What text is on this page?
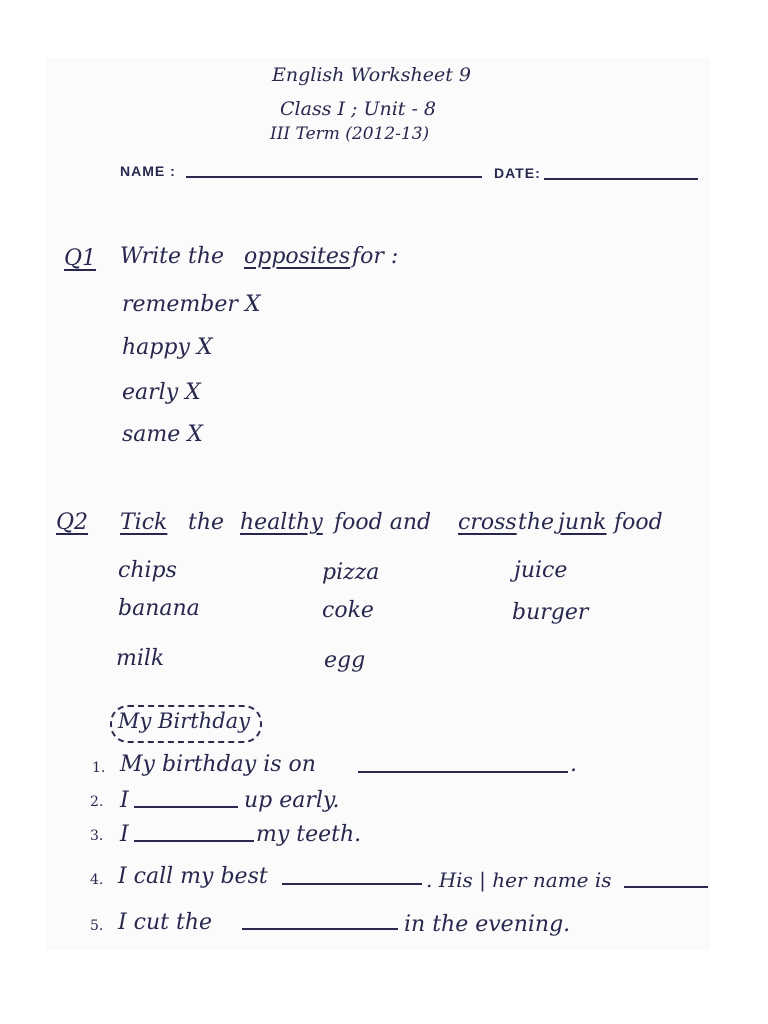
English Worksheet 9
Class I ; Unit - 8
III Term (2012-13)
NAME :	DATE:
Q1 Write the opposites for :
remember X
happy X
early X
same X
Q2 Tick the healthy food and cross the junk food
chips	pizza	juice
banana	coke	burger
milk	egg
My Birthday
1. My birthday is on	.
2. I	up early.
3. I	my teeth.
4. I call my best	. His | her name is
5. I cut the	in the evening.
